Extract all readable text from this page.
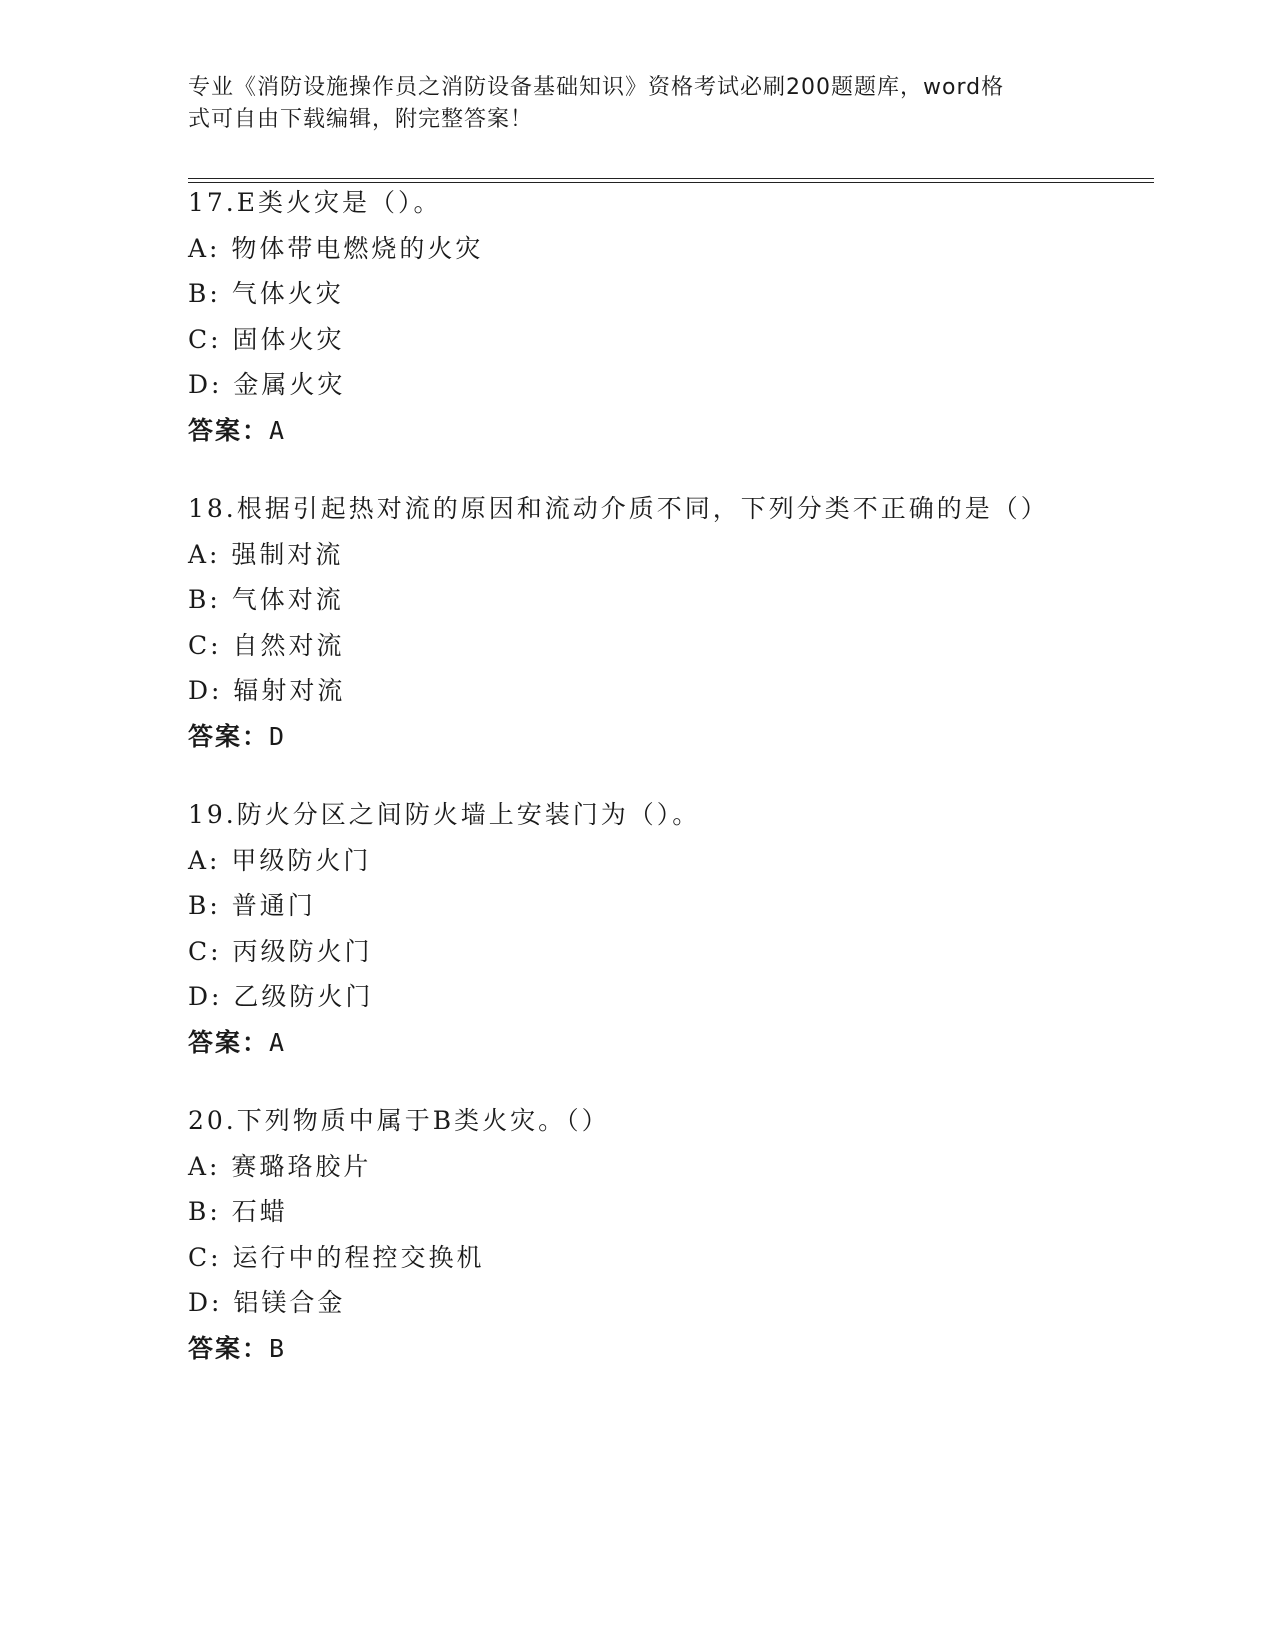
专业《消防设施操作员之消防设备基础知识》资格考试必刷200题题库，word格
式可自由下载编辑，附完整答案！
17.E类火灾是（）。
A: 物体带电燃烧的火灾
B: 气体火灾
C: 固体火灾
D: 金属火灾
答案：A
18.根据引起热对流的原因和流动介质不同，下列分类不正确的是（）
A: 强制对流
B: 气体对流
C: 自然对流
D: 辐射对流
答案：D
19.防火分区之间防火墙上安装门为（）。
A: 甲级防火门
B: 普通门
C: 丙级防火门
D: 乙级防火门
答案：A
20.下列物质中属于B类火灾。（）
A: 赛璐珞胶片
B: 石蜡
C: 运行中的程控交换机
D: 铝镁合金
答案：B
